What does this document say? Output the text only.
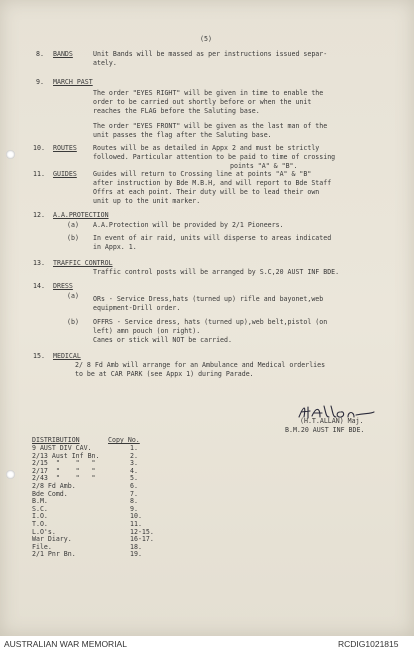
(5)
8. BANDS	Unit Bands will be massed as per instructions issued separ-
ately.
9. MARCH PAST
The order "EYES RIGHT" will be given in time to enable the
order to be carried out shortly before or when the unit
reaches the FLAG before the Saluting base.
The order "EYES FRONT" will be given as the last man of the
unit passes the flag after the Saluting base.
10. ROUTES Routes will be as detailed in Appx 2 and must be strictly
followed. Particular attention to be paid to time of crossing
points "A" & "B".
11. GUIDES Guides will return to Crossing line at points "A" & "B"
after instruction by Bde M.B.H, and will report to Bde Staff
Offrs at each point. Their duty will be to lead their own
unit up to the unit marker.
12. A.A.PROTECTION
(a) A.A.Protection will be provided by 2/1 Pioneers.
(b) In event of air raid, units will disperse to areas indicated
in Appx. 1.
13. TRAFFIC CONTROL
Traffic control posts will be arranged by S.C,20 AUST INF BDE.
14. DRESS
(a) ORs - Service Dress,hats (turned up) rifle and bayonet,web
equipment-Drill order.
(b) OFFRS - Service dress, hats (turned up),web belt,pistol (on
left) amn pouch (on right).
Canes or stick will NOT be carried.
15. MEDICAL
2/ 8 Fd Amb will arrange for an Ambulance and Medical orderlies
to be at CAR PARK (see Appx 1) during Parade.
(H.T.ALLAN) Maj.
B.M.20 AUST INF BDE.
DISTRIBUTION	Copy No.
9 AUST DIV CAV.	1.
2/13 Aust Inf Bn.	2.
2/15  "    "   "	3.
2/17  "    "   "	4.
2/43  "    "   "	5.
2/8 Fd Amb.	6.
Bde Comd.	7.
B.M.	8.
S.C.	9.
I.O.	10.
T.O.	11.
L.O's.	12-15.
War Diary.	16-17.
File.	18.
2/1 Pnr Bn.	19.
AUSTRALIAN WAR MEMORIAL	RCDIG1021815
